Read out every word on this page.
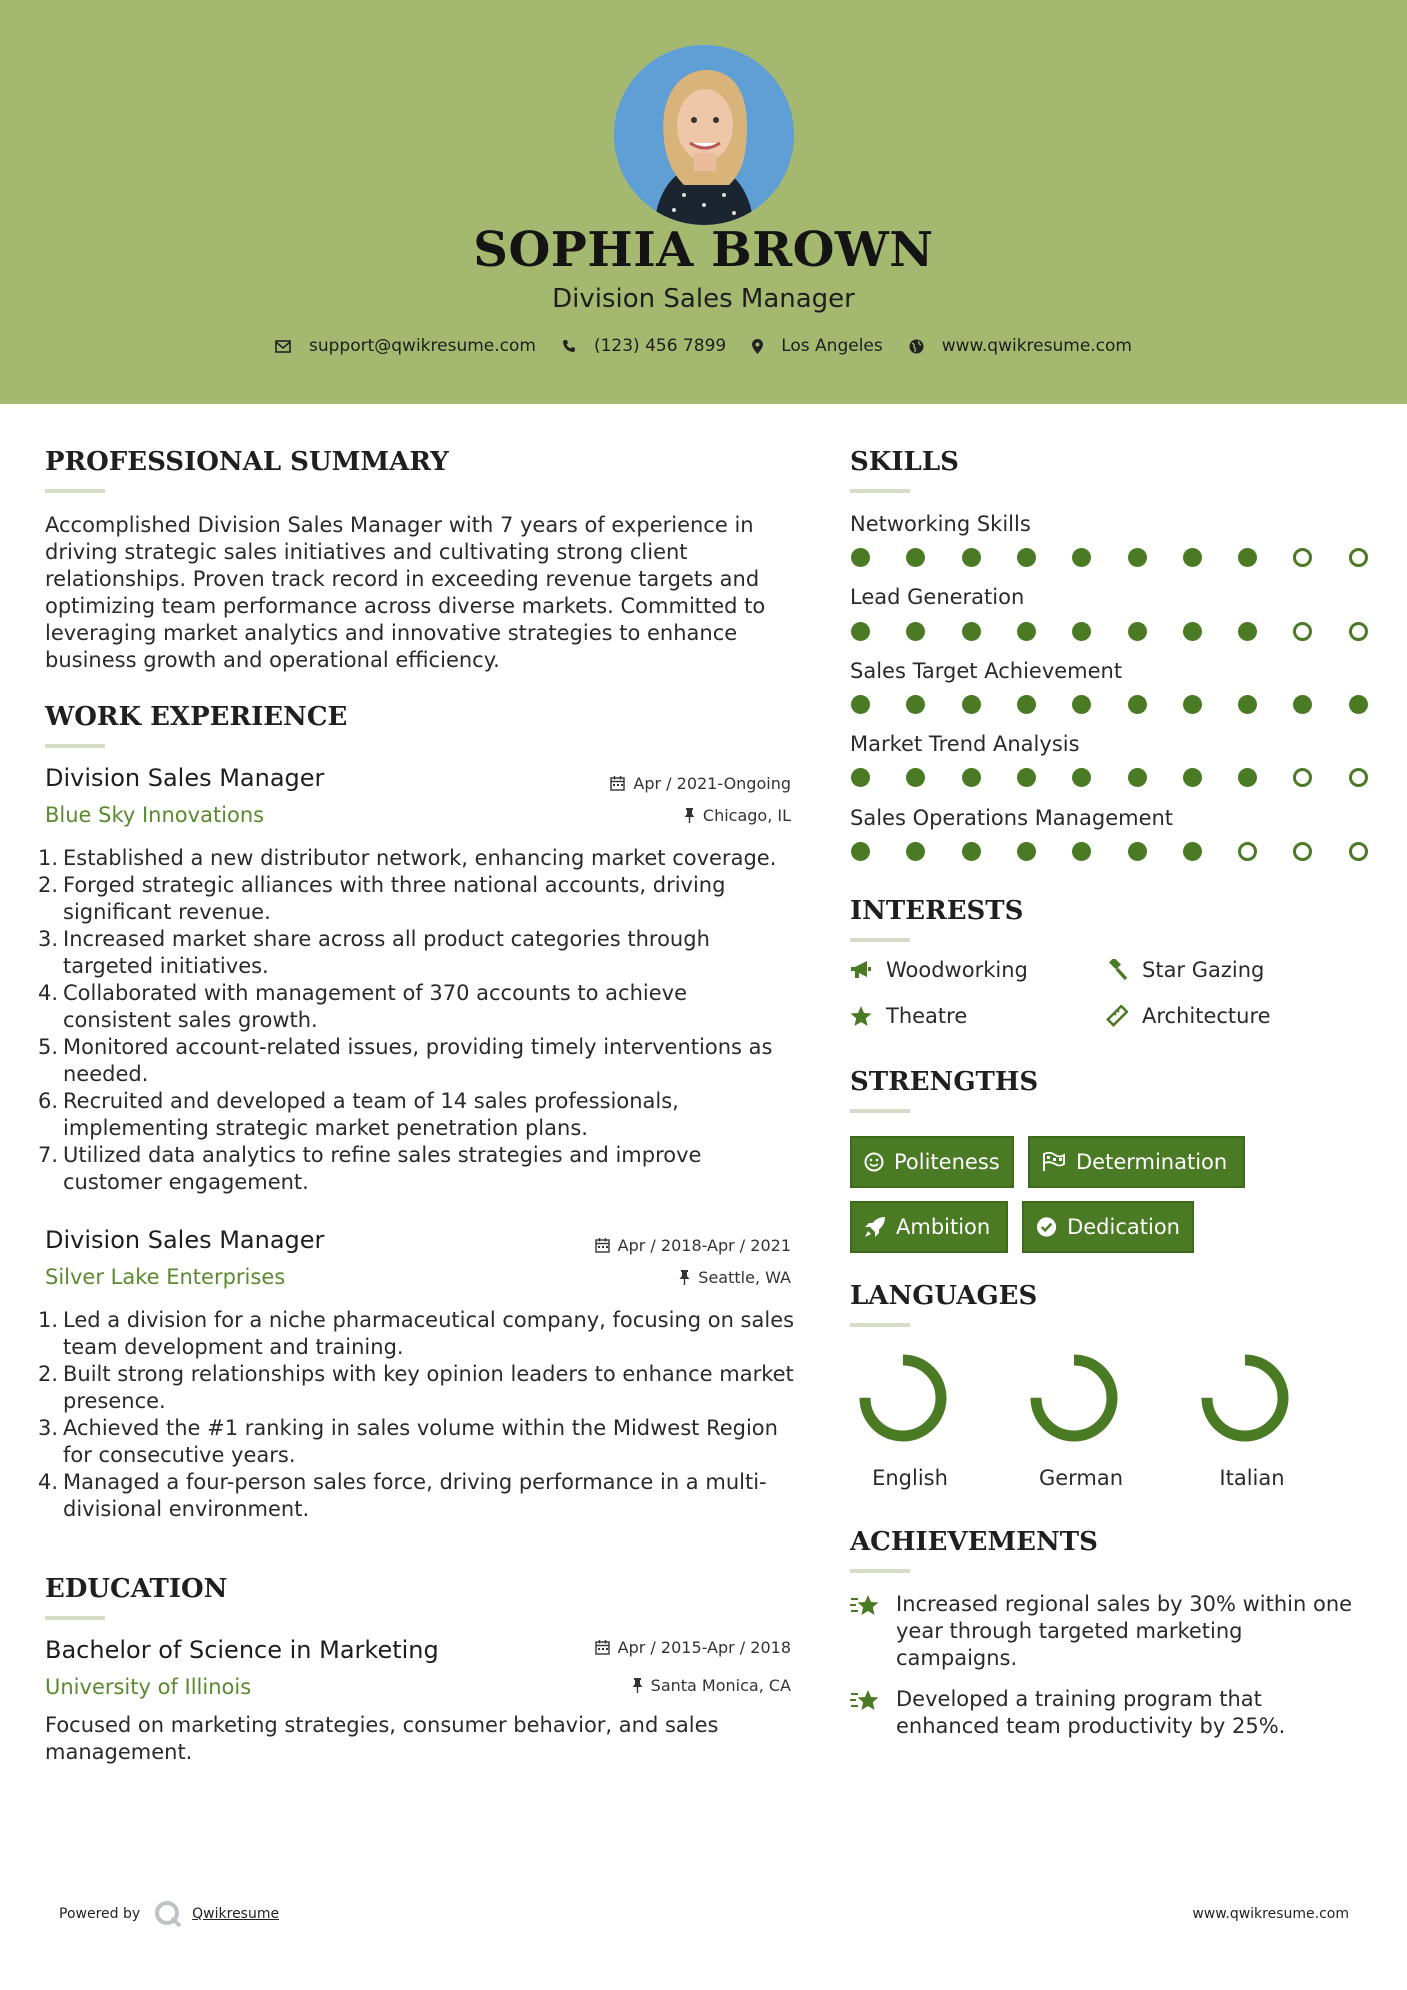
SOPHIA BROWN
Division Sales Manager
support@qwikresume.com	(123) 456 7899	Los Angeles	www.qwikresume.com
PROFESSIONAL SUMMARY
Accomplished Division Sales Manager with 7 years of experience in driving strategic sales initiatives and cultivating strong client relationships. Proven track record in exceeding revenue targets and optimizing team performance across diverse markets. Committed to leveraging market analytics and innovative strategies to enhance business growth and operational efficiency.
WORK EXPERIENCE
Division Sales Manager
Blue Sky Innovations
Apr / 2021-Ongoing
Chicago, IL
1. Established a new distributor network, enhancing market coverage.
2. Forged strategic alliances with three national accounts, driving significant revenue.
3. Increased market share across all product categories through targeted initiatives.
4. Collaborated with management of 370 accounts to achieve consistent sales growth.
5. Monitored account-related issues, providing timely interventions as needed.
6. Recruited and developed a team of 14 sales professionals, implementing strategic market penetration plans.
7. Utilized data analytics to refine sales strategies and improve customer engagement.
Division Sales Manager
Silver Lake Enterprises
Apr / 2018-Apr / 2021
Seattle, WA
1. Led a division for a niche pharmaceutical company, focusing on sales team development and training.
2. Built strong relationships with key opinion leaders to enhance market presence.
3. Achieved the #1 ranking in sales volume within the Midwest Region for consecutive years.
4. Managed a four-person sales force, driving performance in a multi-divisional environment.
EDUCATION
Bachelor of Science in Marketing
University of Illinois
Apr / 2015-Apr / 2018
Santa Monica, CA
Focused on marketing strategies, consumer behavior, and sales management.
SKILLS
Networking Skills
Lead Generation
Sales Target Achievement
Market Trend Analysis
Sales Operations Management
INTERESTS
Woodworking	Star Gazing
Theatre	Architecture
STRENGTHS
Politeness	Determination
Ambition	Dedication
LANGUAGES
English	German	Italian
ACHIEVEMENTS
Increased regional sales by 30% within one year through targeted marketing campaigns.
Developed a training program that enhanced team productivity by 25%.
Powered by	Qwikresume	www.qwikresume.com
